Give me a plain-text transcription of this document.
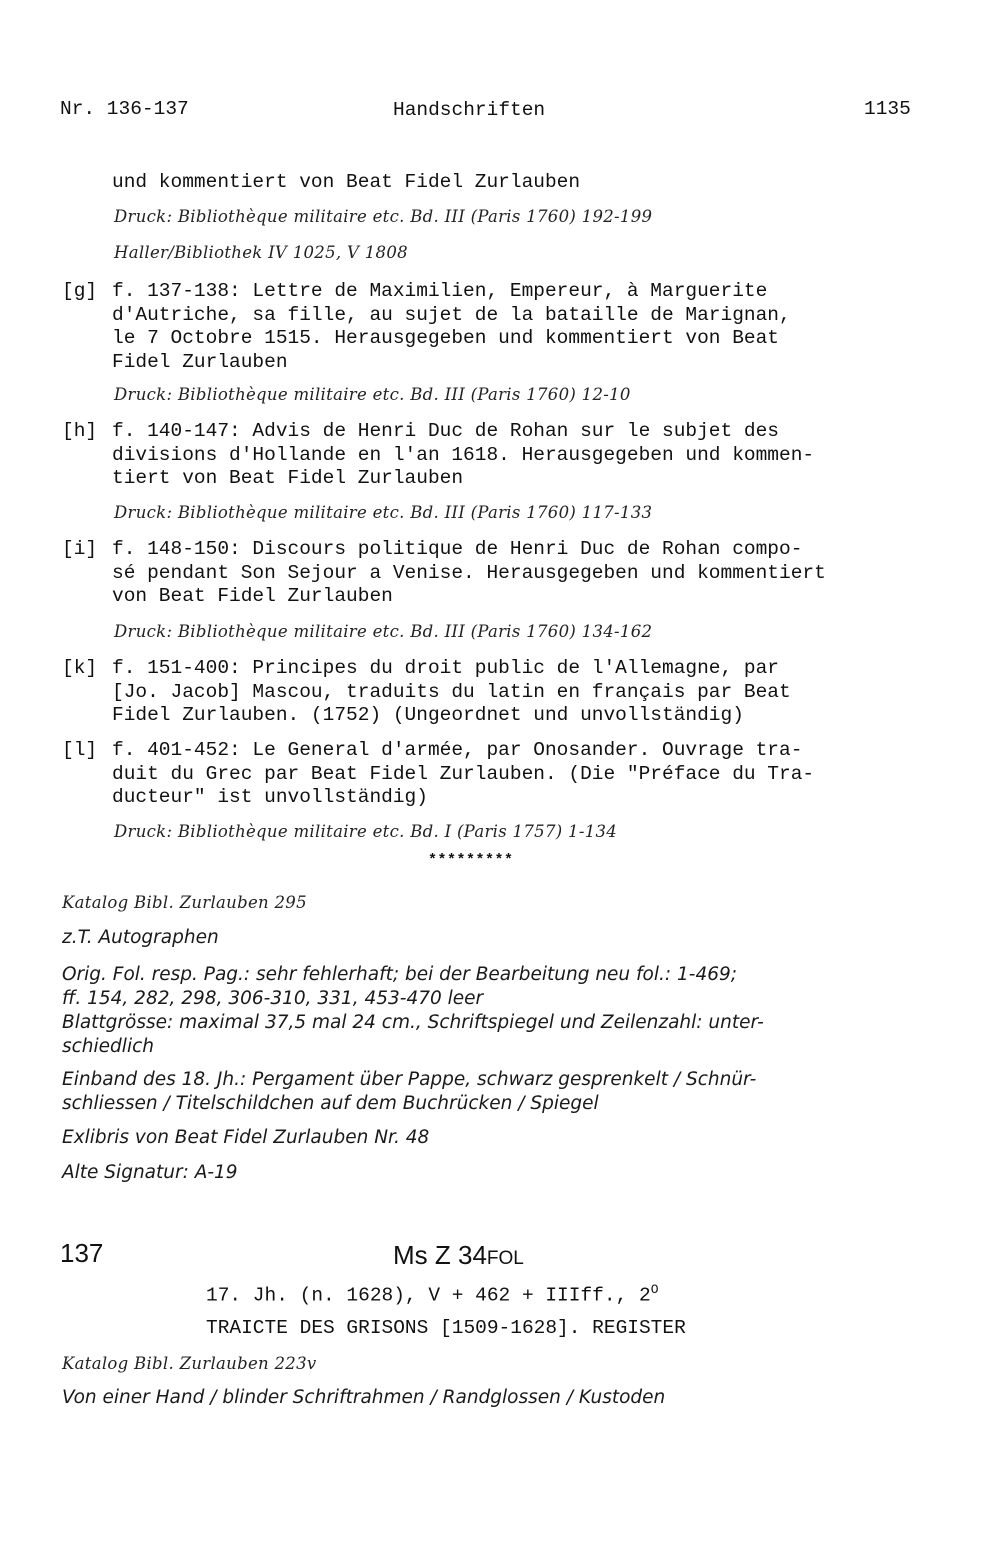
Nr. 136-137	Handschriften	1135
und kommentiert von Beat Fidel Zurlauben
Druck: Bibliothèque militaire etc. Bd. III (Paris 1760) 192-199
Haller/Bibliothek IV 1025, V 1808
[g] f. 137-138: Lettre de Maximilien, Empereur, à Marguerite
d'Autriche, sa fille, au sujet de la bataille de Marignan,
le 7 Octobre 1515. Herausgegeben und kommentiert von Beat
Fidel Zurlauben
Druck: Bibliothèque militaire etc. Bd. III (Paris 1760) 12-10
[h] f. 140-147: Advis de Henri Duc de Rohan sur le subjet des
divisions d'Hollande en l'an 1618. Herausgegeben und kommen-
tiert von Beat Fidel Zurlauben
Druck: Bibliothèque militaire etc. Bd. III (Paris 1760) 117-133
[i] f. 148-150: Discours politique de Henri Duc de Rohan compo-
sé pendant Son Sejour a Venise. Herausgegeben und kommentiert
von Beat Fidel Zurlauben
Druck: Bibliothèque militaire etc. Bd. III (Paris 1760) 134-162
[k] f. 151-400: Principes du droit public de l'Allemagne, par
[Jo. Jacob] Mascou, traduits du latin en français par Beat
Fidel Zurlauben. (1752) (Ungeordnet und unvollständig)
[l] f. 401-452: Le General d'armée, par Onosander. Ouvrage tra-
duit du Grec par Beat Fidel Zurlauben. (Die "Préface du Tra-
ducteur" ist unvollständig)
Druck: Bibliothèque militaire etc. Bd. I (Paris 1757) 1-134
*********
Katalog Bibl. Zurlauben 295
z.T. Autographen
Orig. Fol. resp. Pag.: sehr fehlerhaft; bei der Bearbeitung neu fol.: 1-469;
ff. 154, 282, 298, 306-310, 331, 453-470 leer
Blattgrösse: maximal 37,5 mal 24 cm., Schriftspiegel und Zeilenzahl: unter-
schiedlich
Einband des 18. Jh.: Pergament über Pappe, schwarz gesprenkelt / Schnür-
schliessen / Titelschildchen auf dem Buchrücken / Spiegel
Exlibris von Beat Fidel Zurlauben Nr. 48
Alte Signatur: A-19
137	Ms Z 34FOL
17. Jh. (n. 1628), V + 462 + IIIff., $2^O$
TRAICTE DES GRISONS [1509-1628]. REGISTER
Katalog Bibl. Zurlauben 223v
Von einer Hand / blinder Schriftrahmen / Randglossen / Kustoden
